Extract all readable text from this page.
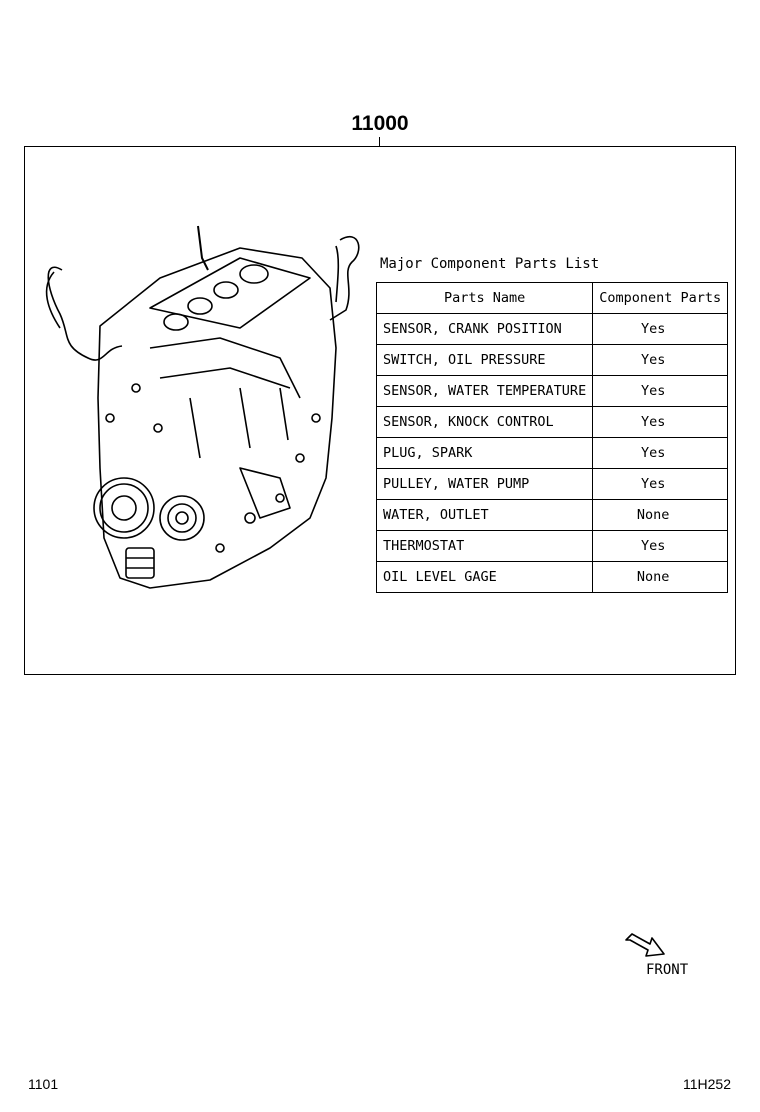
11000
Major Component Parts List
Parts Name	Component Parts
SENSOR, CRANK POSITION	Yes
SWITCH, OIL PRESSURE	Yes
SENSOR, WATER TEMPERATURE	Yes
SENSOR, KNOCK CONTROL	Yes
PLUG, SPARK	Yes
PULLEY, WATER PUMP	Yes
WATER, OUTLET	None
THERMOSTAT	Yes
OIL LEVEL GAGE	None
FRONT
1101	11H252
